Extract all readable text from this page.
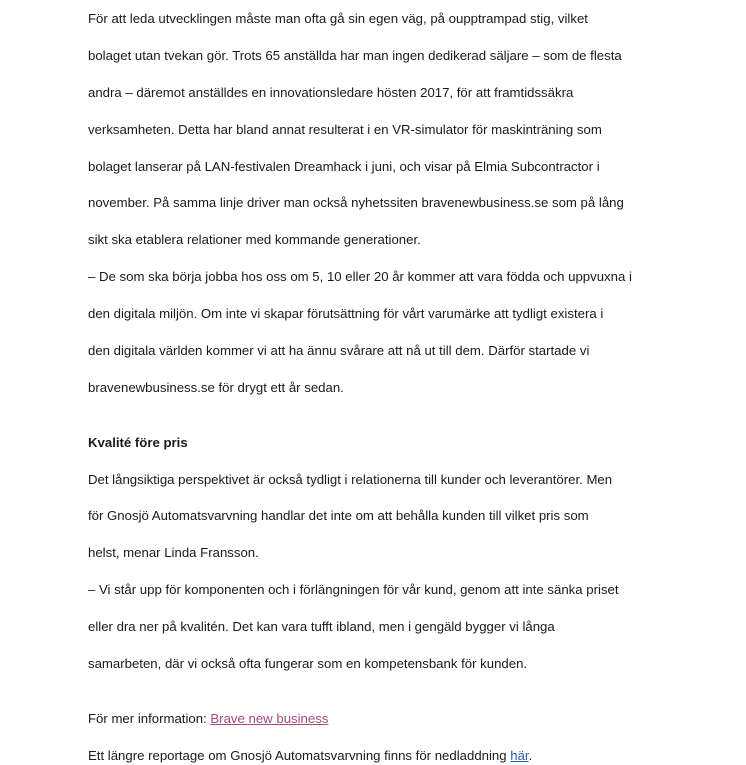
För att leda utvecklingen måste man ofta gå sin egen väg, på oupptrampad stig, vilket

bolaget utan tvekan gör. Trots 65 anställda har man ingen dedikerad säljare – som de flesta

andra – däremot anställdes en innovationsledare hösten 2017, för att framtidssäkra

verksamheten. Detta har bland annat resulterat i en VR-simulator för maskinträning som

bolaget lanserar på LAN-festivalen Dreamhack i juni, och visar på Elmia Subcontractor i

november. På samma linje driver man också nyhetssiten bravenewbusiness.se som på lång

sikt ska etablera relationer med kommande generationer.

– De som ska börja jobba hos oss om 5, 10 eller 20 år kommer att vara födda och uppvuxna i

den digitala miljön. Om inte vi skapar förutsättning för vårt varumärke att tydligt existera i

den digitala världen kommer vi att ha ännu svårare att nå ut till dem. Därför startade vi

bravenewbusiness.se för drygt ett år sedan.

Kvalité före pris

Det långsiktiga perspektivet är också tydligt i relationerna till kunder och leverantörer. Men

för Gnosjö Automatsvarvning handlar det inte om att behålla kunden till vilket pris som

helst, menar Linda Fransson.

– Vi står upp för komponenten och i förlängningen för vår kund, genom att inte sänka priset

eller dra ner på kvalitén. Det kan vara tufft ibland, men i gengäld bygger vi långa

samarbeten, där vi också ofta fungerar som en kompetensbank för kunden.

För mer information: Brave new business
Ett längre reportage om Gnosjö Automatsvarvning finns för nedladdning här.
